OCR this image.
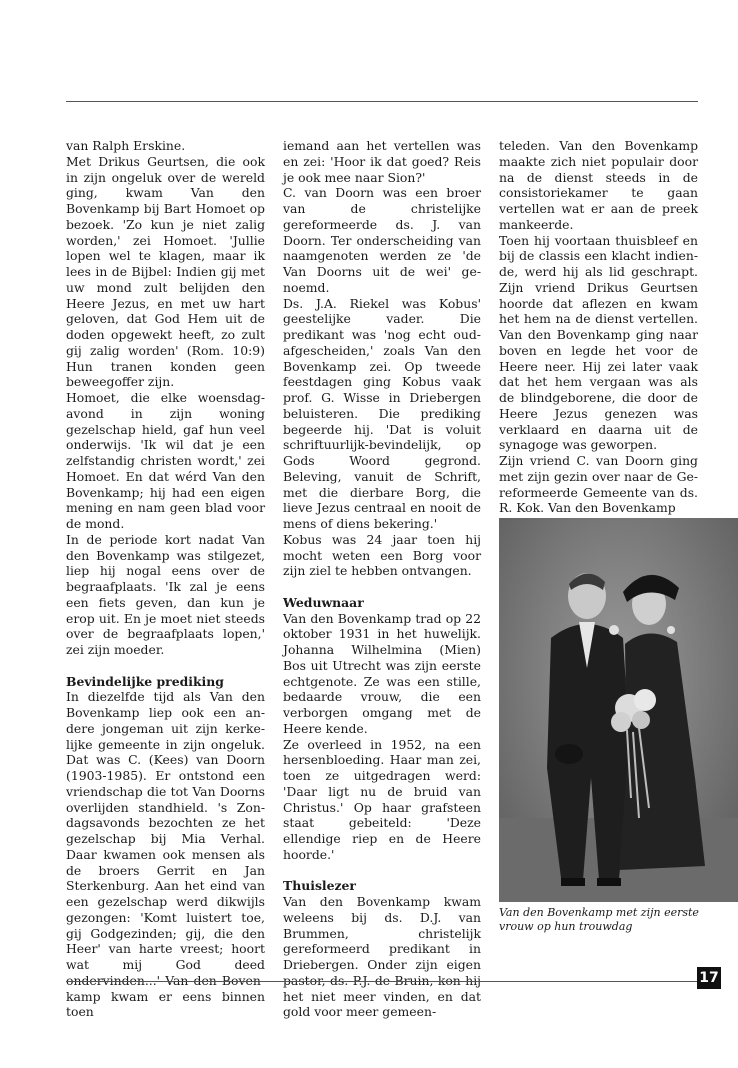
van Ralph Erskine.

Met Drikus Geurtsen, die ook in zijn ongeluk over de wereld ging, kwam Van den Bovenkamp bij Bart Homoet op bezoek. 'Zo kun je niet zalig worden,' zei Homoet. 'Jullie lopen wel te klagen, maar ik lees in de Bijbel: Indien gij met uw mond zult belijden den Heere Jezus, en met uw hart geloven, dat God Hem uit de doden opgewekt heeft, zo zult gij zalig worden' (Rom. 10:9) Hun tranen konden geen beweegoffer zijn.

Homoet, die elke woensdagavond in zijn woning gezelschap hield, gaf hun veel onderwijs. 'Ik wil dat je een zelfstandig christen wordt,' zei Homoet. En dat wérd Van den Bovenkamp; hij had een eigen mening en nam geen blad voor de mond.

In de periode kort nadat Van den Bovenkamp was stilgezet, liep hij nogal eens over de begraafplaats. 'Ik zal je eens een fiets geven, dan kun je erop uit. En je moet niet steeds over de begraafplaats lopen,' zei zijn moeder.

Bevindelijke prediking

In diezelfde tijd als Van den Bovenkamp liep ook een andere jongeman uit zijn kerkelijke gemeente in zijn ongeluk. Dat was C. (Kees) van Doorn (1903-1985). Er ontstond een vriendschap die tot Van Doorns overlijden standhield. 's Zondagsavonds bezochten ze het gezelschap bij Mia Verhal. Daar kwamen ook mensen als de broers Gerrit en Jan Sterkenburg. Aan het eind van een gezelschap werd dikwijls gezongen: 'Komt luistert toe, gij Godgezinden; gij, die den Heer' van harte vreest; hoort wat mij God deed ondervinden...' Van den Bovenkamp kwam er eens binnen toen

iemand aan het vertellen was en zei: 'Hoor ik dat goed? Reis je ook mee naar Sion?'

C. van Doorn was een broer van de christelijke gereformeerde ds. J. van Doorn. Ter onderscheiding van naamgenoten werden ze 'de Van Doorns uit de wei' genoemd.

Ds. J.A. Riekel was Kobus' geestelijke vader. Die predikant was 'nog echt oud-afgescheiden,' zoals Van den Bovenkamp zei. Op tweede feestdagen ging Kobus vaak prof. G. Wisse in Driebergen beluisteren. Die prediking begeerde hij. 'Dat is voluit schriftuurlijk-bevindelijk, op Gods Woord gegrond. Beleving, vanuit de Schrift, met die dierbare Borg, die lieve Jezus centraal en nooit de mens of diens bekering.'

Kobus was 24 jaar toen hij mocht weten een Borg voor zijn ziel te hebben ontvangen.

Weduwnaar

Van den Bovenkamp trad op 22 oktober 1931 in het huwelijk. Johanna Wilhelmina (Mien) Bos uit Utrecht was zijn eerste echtgenote. Ze was een stille, bedaarde vrouw, die een verborgen omgang met de Heere kende.

Ze overleed in 1952, na een hersenbloeding. Haar man zei, toen ze uitgedragen werd: 'Daar ligt nu de bruid van Christus.' Op haar grafsteen staat gebeiteld: 'Deze ellendige riep en de Heere hoorde.'

Thuislezer

Van den Bovenkamp kwam weleens bij ds. D.J. van Brummen, christelijk gereformeerd predikant in Driebergen. Onder zijn eigen pastor, ds. P.J. de Bruin, kon hij het niet meer vinden, en dat gold voor meer gemeen-

teleden. Van den Bovenkamp maakte zich niet populair door na de dienst steeds in de consistoriekamer te gaan vertellen wat er aan de preek mankeerde.

Toen hij voortaan thuisbleef en bij de classis een klacht indiende, werd hij als lid geschrapt. Zijn vriend Drikus Geurtsen hoorde dat aflezen en kwam het hem na de dienst vertellen. Van den Bovenkamp ging naar boven en legde het voor de Heere neer. Hij zei later vaak dat het hem vergaan was als de blindgeborene, die door de Heere Jezus genezen was verklaard en daarna uit de synagoge was geworpen.

Zijn vriend C. van Doorn ging met zijn gezin over naar de Gereformeerde Gemeente van ds. R. Kok. Van den Bovenkamp

Van den Bovenkamp met zijn eerste vrouw op hun trouwdag
17
